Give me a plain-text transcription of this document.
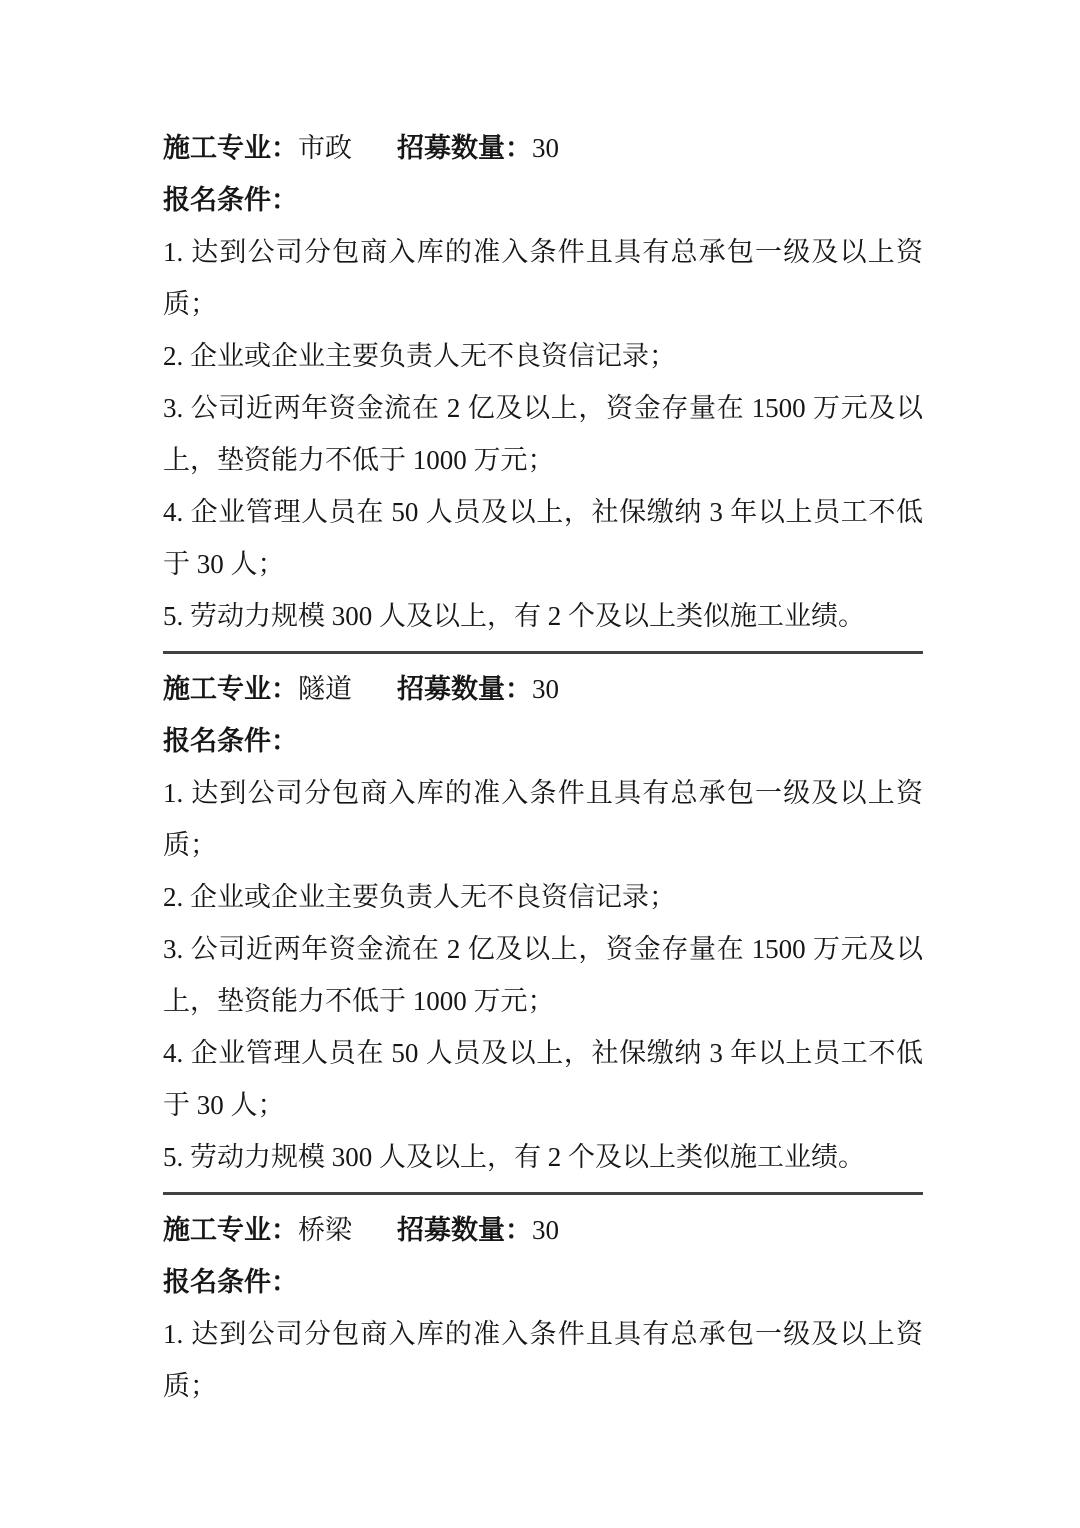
施工专业：市政 招募数量：30
报名条件：

1. 达到公司分包商入库的准入条件且具有总承包一级及以上资质；

2. 企业或企业主要负责人无不良资信记录；

3. 公司近两年资金流在 2 亿及以上，资金存量在 1500 万元及以上，垫资能力不低于 1000 万元；

4. 企业管理人员在 50 人员及以上，社保缴纳 3 年以上员工不低于 30 人；

5. 劳动力规模 300 人及以上，有 2 个及以上类似施工业绩。

施工专业：隧道 招募数量：30
报名条件：

1. 达到公司分包商入库的准入条件且具有总承包一级及以上资质；

2. 企业或企业主要负责人无不良资信记录；

3. 公司近两年资金流在 2 亿及以上，资金存量在 1500 万元及以上，垫资能力不低于 1000 万元；

4. 企业管理人员在 50 人员及以上，社保缴纳 3 年以上员工不低于 30 人；

5. 劳动力规模 300 人及以上，有 2 个及以上类似施工业绩。

施工专业：桥梁 招募数量：30
报名条件：

1. 达到公司分包商入库的准入条件且具有总承包一级及以上资质；
